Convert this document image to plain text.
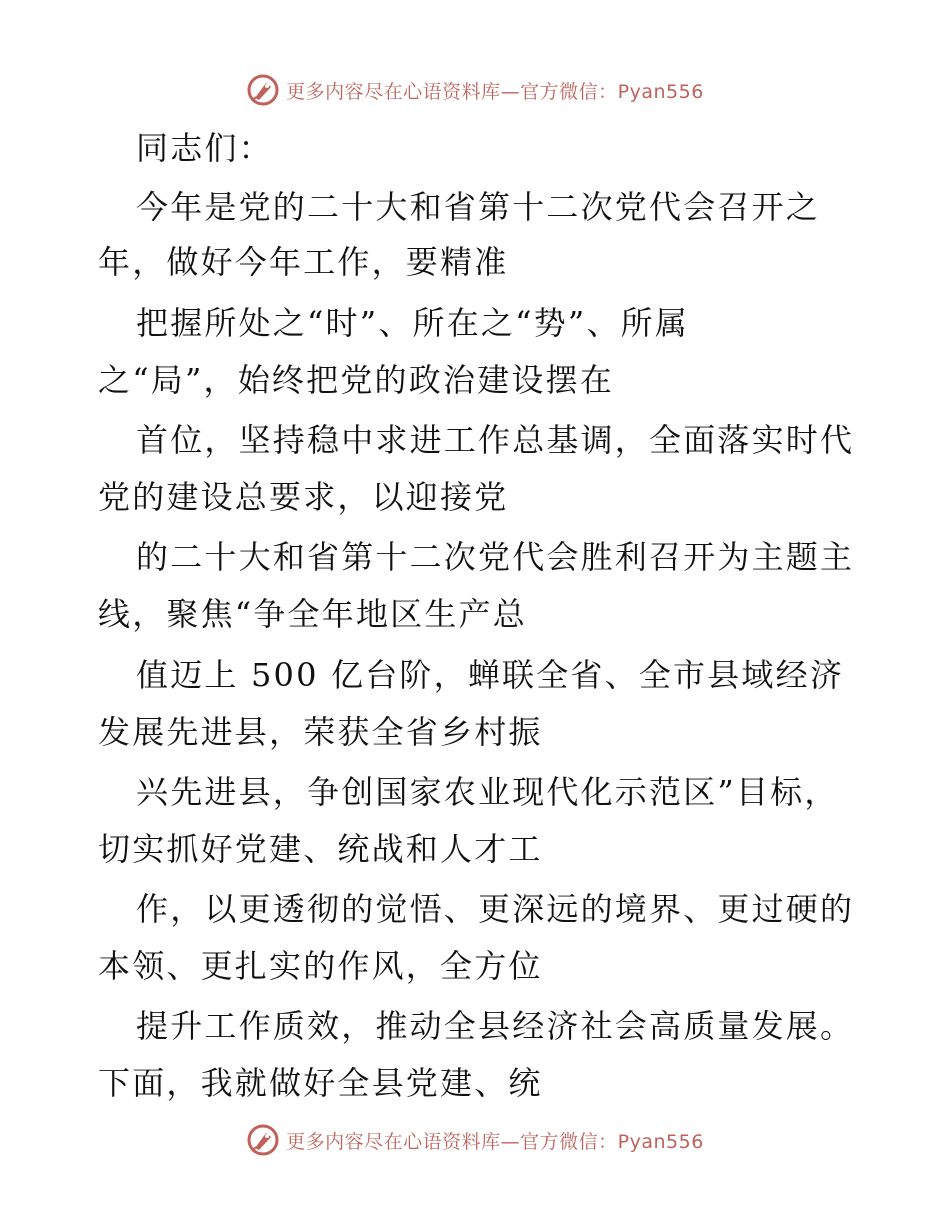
更多内容尽在心语资料库—官方微信：Pyan556
同志们：
今年是党的二十大和省第十二次党代会召开之
年，做好今年工作，要精准
把握所处之“时”、所在之“势”、所属
之“局”，始终把党的政治建设摆在
首位，坚持稳中求进工作总基调，全面落实时代
党的建设总要求，以迎接党
的二十大和省第十二次党代会胜利召开为主题主
线，聚焦“争全年地区生产总
值迈上 500 亿台阶，蝉联全省、全市县域经济
发展先进县，荣获全省乡村振
兴先进县，争创国家农业现代化示范区”目标，
切实抓好党建、统战和人才工
作，以更透彻的觉悟、更深远的境界、更过硬的
本领、更扎实的作风，全方位
提升工作质效，推动全县经济社会高质量发展。
下面，我就做好全县党建、统
更多内容尽在心语资料库—官方微信：Pyan556
